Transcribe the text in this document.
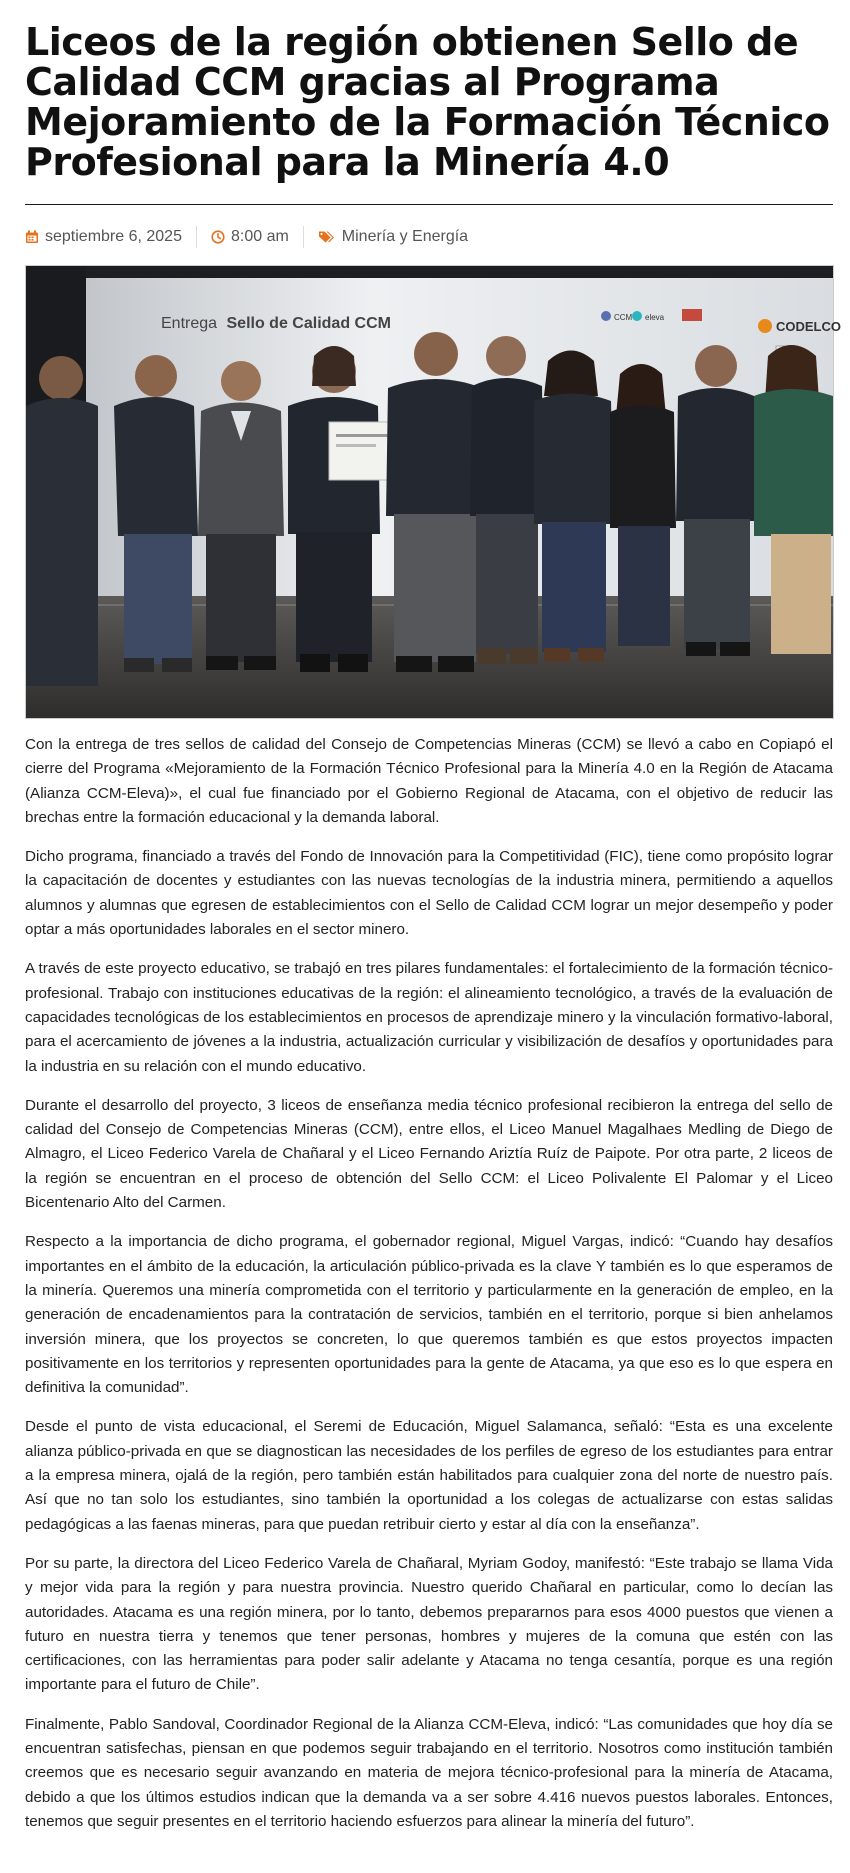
Liceos de la región obtienen Sello de Calidad CCM gracias al Programa Mejoramiento de la Formación Técnico Profesional para la Minería 4.0
septiembre 6, 2025	8:00 am	Minería y Energía
Entrega Sello de Calidad CCM	CCM eleva
CODELCO

Con la entrega de tres sellos de calidad del Consejo de Competencias Mineras (CCM) se llevó a cabo en Copiapó el cierre del Programa «Mejoramiento de la Formación Técnico Profesional para la Minería 4.0 en la Región de Atacama (Alianza CCM-Eleva)», el cual fue financiado por el Gobierno Regional de Atacama, con el objetivo de reducir las brechas entre la formación educacional y la demanda laboral.

Dicho programa, financiado a través del Fondo de Innovación para la Competitividad (FIC), tiene como propósito lograr la capacitación de docentes y estudiantes con las nuevas tecnologías de la industria minera, permitiendo a aquellos alumnos y alumnas que egresen de establecimientos con el Sello de Calidad CCM lograr un mejor desempeño y poder optar a más oportunidades laborales en el sector minero.

A través de este proyecto educativo, se trabajó en tres pilares fundamentales: el fortalecimiento de la formación técnico-profesional. Trabajo con instituciones educativas de la región: el alineamiento tecnológico, a través de la evaluación de capacidades tecnológicas de los establecimientos en procesos de aprendizaje minero y la vinculación formativo-laboral, para el acercamiento de jóvenes a la industria, actualización curricular y visibilización de desafíos y oportunidades para la industria en su relación con el mundo educativo.

Durante el desarrollo del proyecto, 3 liceos de enseñanza media técnico profesional recibieron la entrega del sello de calidad del Consejo de Competencias Mineras (CCM), entre ellos, el Liceo Manuel Magalhaes Medling de Diego de Almagro, el Liceo Federico Varela de Chañaral y el Liceo Fernando Ariztía Ruíz de Paipote. Por otra parte, 2 liceos de la región se encuentran en el proceso de obtención del Sello CCM: el Liceo Polivalente El Palomar y el Liceo Bicentenario Alto del Carmen.

Respecto a la importancia de dicho programa, el gobernador regional, Miguel Vargas, indicó: “Cuando hay desafíos importantes en el ámbito de la educación, la articulación público-privada es la clave Y también es lo que esperamos de la minería. Queremos una minería comprometida con el territorio y particularmente en la generación de empleo, en la generación de encadenamientos para la contratación de servicios, también en el territorio, porque si bien anhelamos inversión minera, que los proyectos se concreten, lo que queremos también es que estos proyectos impacten positivamente en los territorios y representen oportunidades para la gente de Atacama, ya que eso es lo que espera en definitiva la comunidad”.

Desde el punto de vista educacional, el Seremi de Educación, Miguel Salamanca, señaló: “Esta es una excelente alianza público-privada en que se diagnostican las necesidades de los perfiles de egreso de los estudiantes para entrar a la empresa minera, ojalá de la región, pero también están habilitados para cualquier zona del norte de nuestro país. Así que no tan solo los estudiantes, sino también la oportunidad a los colegas de actualizarse con estas salidas pedagógicas a las faenas mineras, para que puedan retribuir cierto y estar al día con la enseñanza”.

Por su parte, la directora del Liceo Federico Varela de Chañaral, Myriam Godoy, manifestó: “Este trabajo se llama Vida y mejor vida para la región y para nuestra provincia. Nuestro querido Chañaral en particular, como lo decían las autoridades. Atacama es una región minera, por lo tanto, debemos prepararnos para esos 4000 puestos que vienen a futuro en nuestra tierra y tenemos que tener personas, hombres y mujeres de la comuna que estén con las certificaciones, con las herramientas para poder salir adelante y Atacama no tenga cesantía, porque es una región importante para el futuro de Chile”.

Finalmente, Pablo Sandoval, Coordinador Regional de la Alianza CCM-Eleva, indicó: “Las comunidades que hoy día se encuentran satisfechas, piensan en que podemos seguir trabajando en el territorio. Nosotros como institución también creemos que es necesario seguir avanzando en materia de mejora técnico-profesional para la minería de Atacama, debido a que los últimos estudios indican que la demanda va a ser sobre 4.416 nuevos puestos laborales. Entonces, tenemos que seguir presentes en el territorio haciendo esfuerzos para alinear la minería del futuro”.
